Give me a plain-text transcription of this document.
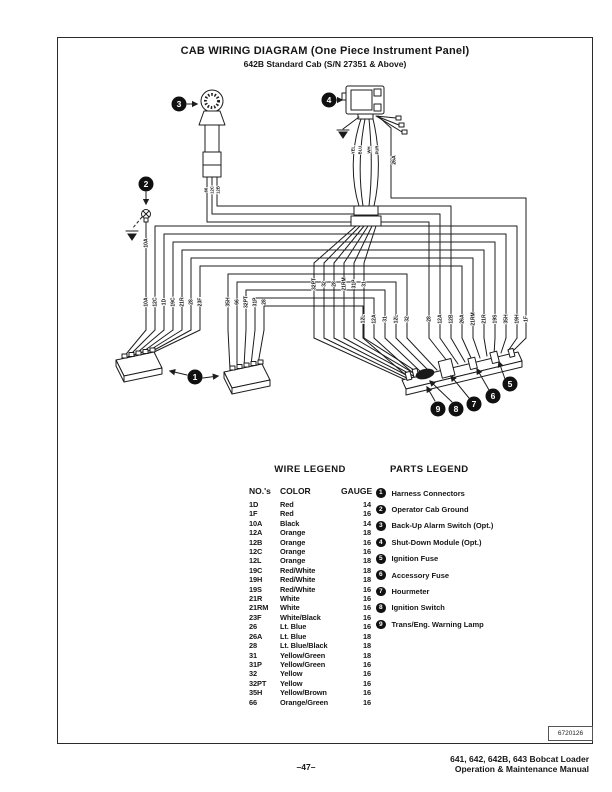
CAB WIRING DIAGRAM (One Piece Instrument Panel)
642B Standard Cab (S/N 27351 & Above)
1
2
3	4
5
6
7
8
9
66 12C 12B
10A
YEL BLU WH PUR
26A
32PT 32 28 21RM 31P 31
10A 12C 1D 19C 21R 28 23F	35H 66 32PT 31P 28
12L 12A 31 12L 32	28 12A 12B 26A 21RM 21R 19S 35H 19H 1F
WIRE LEGEND
NO.'s	COLOR	GAUGE
1D	Red	14
1F	Red	16
10A	Black	14
12A	Orange	18
12B	Orange	16
12C	Orange	16
12L	Orange	18
19C	Red/White	18
19H	Red/White	18
19S	Red/White	16
21R	White	16
21RM	White	16
23F	White/Black	16
26	Lt. Blue	16
26A	Lt. Blue	18
28	Lt. Blue/Black	18
31	Yellow/Green	18
31P	Yellow/Green	16
32	Yellow	16
32PT	Yellow	16
35H	Yellow/Brown	16
66	Orange/Green	16
PARTS LEGEND
1	Harness Connectors
2	Operator Cab Ground
3	Back-Up Alarm Switch (Opt.)
4	Shut-Down Module (Opt.)
5	Ignition Fuse
6	Accessory Fuse
7	Hourmeter
8	Ignition Switch
9	Trans/Eng. Warning Lamp
6720126
–47–
641, 642, 642B, 643 Bobcat Loader
Operation & Maintenance Manual
